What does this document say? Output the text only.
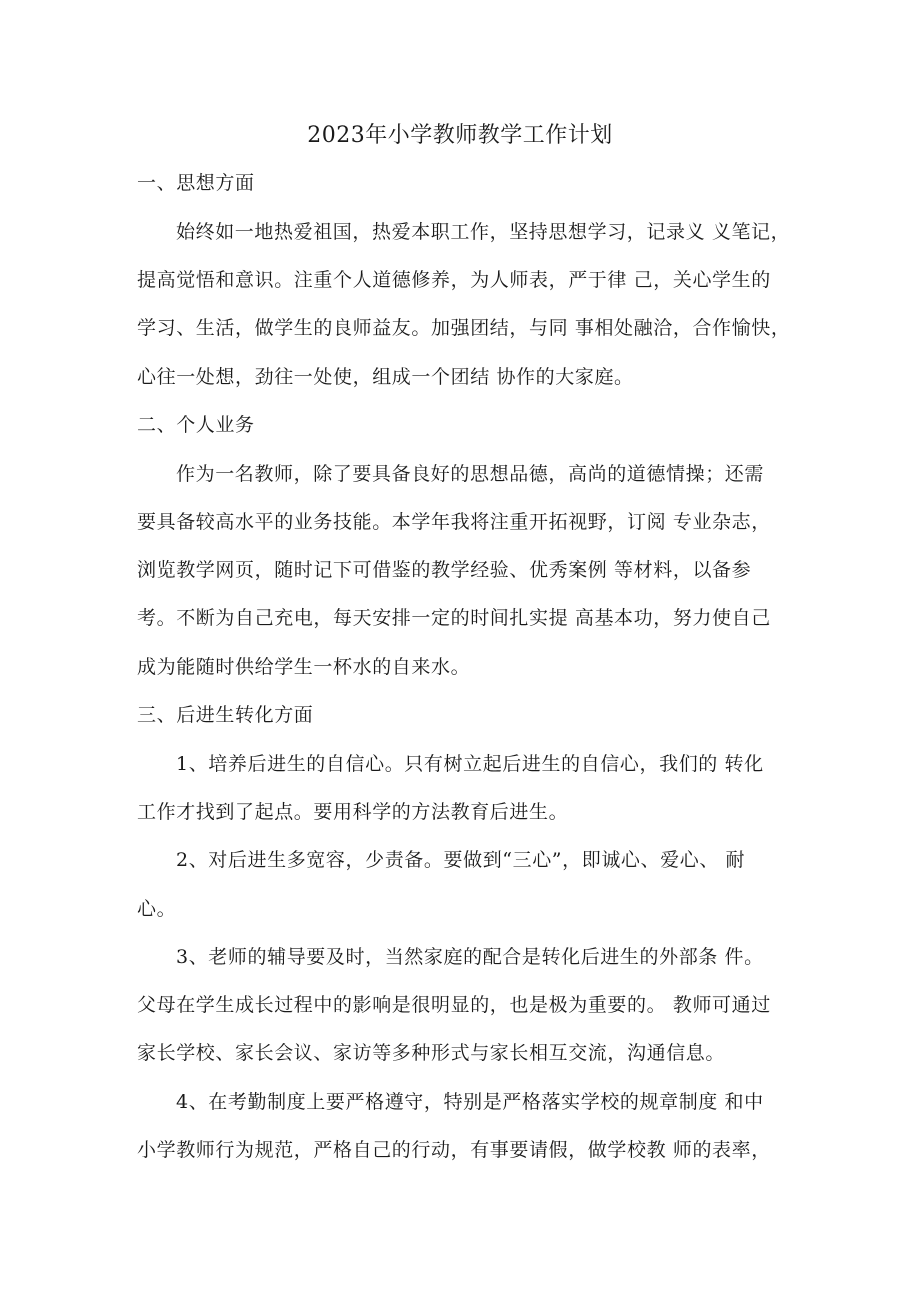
2023年小学教师教学工作计划
一、思想方面
始终如一地热爱祖国，热爱本职工作，坚持思想学习，记录义 义笔记，
提高觉悟和意识。注重个人道德修养，为人师表，严于律 己，关心学生的
学习、生活，做学生的良师益友。加强团结，与同 事相处融洽，合作愉快，
心往一处想，劲往一处使，组成一个团结 协作的大家庭。
二、个人业务
作为一名教师，除了要具备良好的思想品德，高尚的道德情操；还需
要具备较高水平的业务技能。本学年我将注重开拓视野，订阅 专业杂志，
浏览教学网页，随时记下可借鉴的教学经验、优秀案例 等材料，以备参
考。不断为自己充电，每天安排一定的时间扎实提 高基本功，努力使自己
成为能随时供给学生一杯水的自来水。
三、后进生转化方面
1、培养后进生的自信心。只有树立起后进生的自信心，我们的 转化
工作才找到了起点。要用科学的方法教育后进生。
2、对后进生多宽容，少责备。要做到“三心”，即诚心、爱心、 耐
心。
3、老师的辅导要及时，当然家庭的配合是转化后进生的外部条 件。
父母在学生成长过程中的影响是很明显的，也是极为重要的。 教师可通过
家长学校、家长会议、家访等多种形式与家长相互交流，沟通信息。
4、在考勤制度上要严格遵守，特别是严格落实学校的规章制度 和中
小学教师行为规范，严格自己的行动，有事要请假，做学校教 师的表率，
